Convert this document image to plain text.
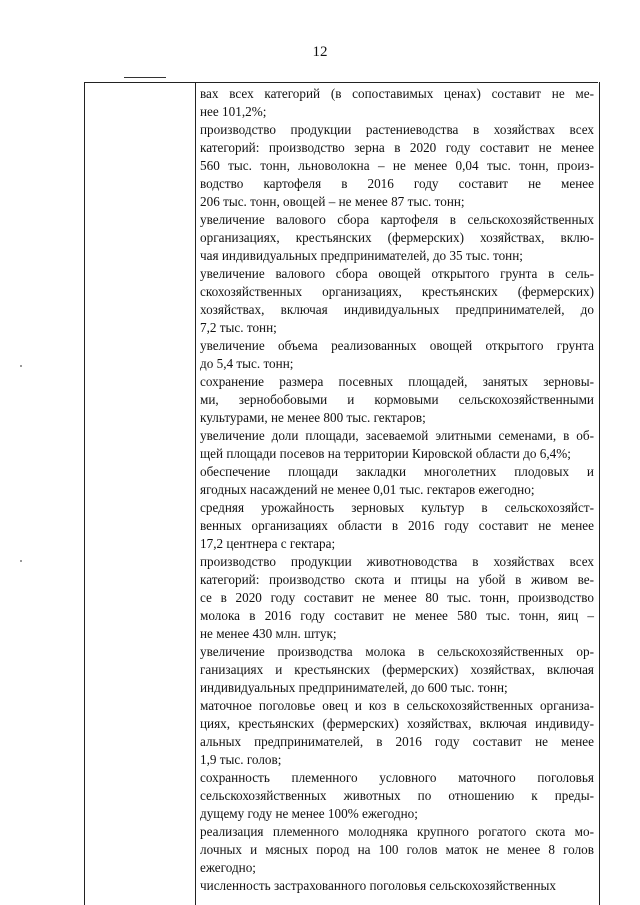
12
вах всех категорий (в сопоставимых ценах) составит не ме-
нее 101,2%;
производство продукции растениеводства в хозяйствах всех
категорий: производство зерна в 2020 году составит не менее
560 тыс. тонн, льноволокна – не менее 0,04 тыс. тонн, произ-
водство картофеля в 2016 году составит не менее
206 тыс. тонн, овощей – не менее 87 тыс. тонн;
увеличение валового сбора картофеля в сельскохозяйственных
организациях, крестьянских (фермерских) хозяйствах, вклю-
чая индивидуальных предпринимателей, до 35 тыс. тонн;
увеличение валового сбора овощей открытого грунта в сель-
скохозяйственных организациях, крестьянских (фермерских)
хозяйствах, включая индивидуальных предпринимателей, до
7,2 тыс. тонн;
увеличение объема реализованных овощей открытого грунта
до 5,4 тыс. тонн;
сохранение размера посевных площадей, занятых зерновы-
ми, зернобобовыми и кормовыми сельскохозяйственными
культурами, не менее 800 тыс. гектаров;
увеличение доли площади, засеваемой элитными семенами, в об-
щей площади посевов на территории Кировской области до 6,4%;
обеспечение площади закладки многолетних плодовых и
ягодных насаждений не менее 0,01 тыс. гектаров ежегодно;
средняя урожайность зерновых культур в сельскохозяйст-
венных организациях области в 2016 году составит не менее
17,2 центнера с гектара;
производство продукции животноводства в хозяйствах всех
категорий: производство скота и птицы на убой в живом ве-
се в 2020 году составит не менее 80 тыс. тонн, производство
молока в 2016 году составит не менее 580 тыс. тонн, яиц –
не менее 430 млн. штук;
увеличение производства молока в сельскохозяйственных ор-
ганизациях и крестьянских (фермерских) хозяйствах, включая
индивидуальных предпринимателей, до 600 тыс. тонн;
маточное поголовье овец и коз в сельскохозяйственных организа-
циях, крестьянских (фермерских) хозяйствах, включая индивиду-
альных предпринимателей, в 2016 году составит не менее
1,9 тыс. голов;
сохранность племенного условного маточного поголовья
сельскохозяйственных животных по отношению к преды-
дущему году не менее 100% ежегодно;
реализация племенного молодняка крупного рогатого скота мо-
лочных и мясных пород на 100 голов маток не менее 8 голов
ежегодно;
численность застрахованного поголовья сельскохозяйственных
